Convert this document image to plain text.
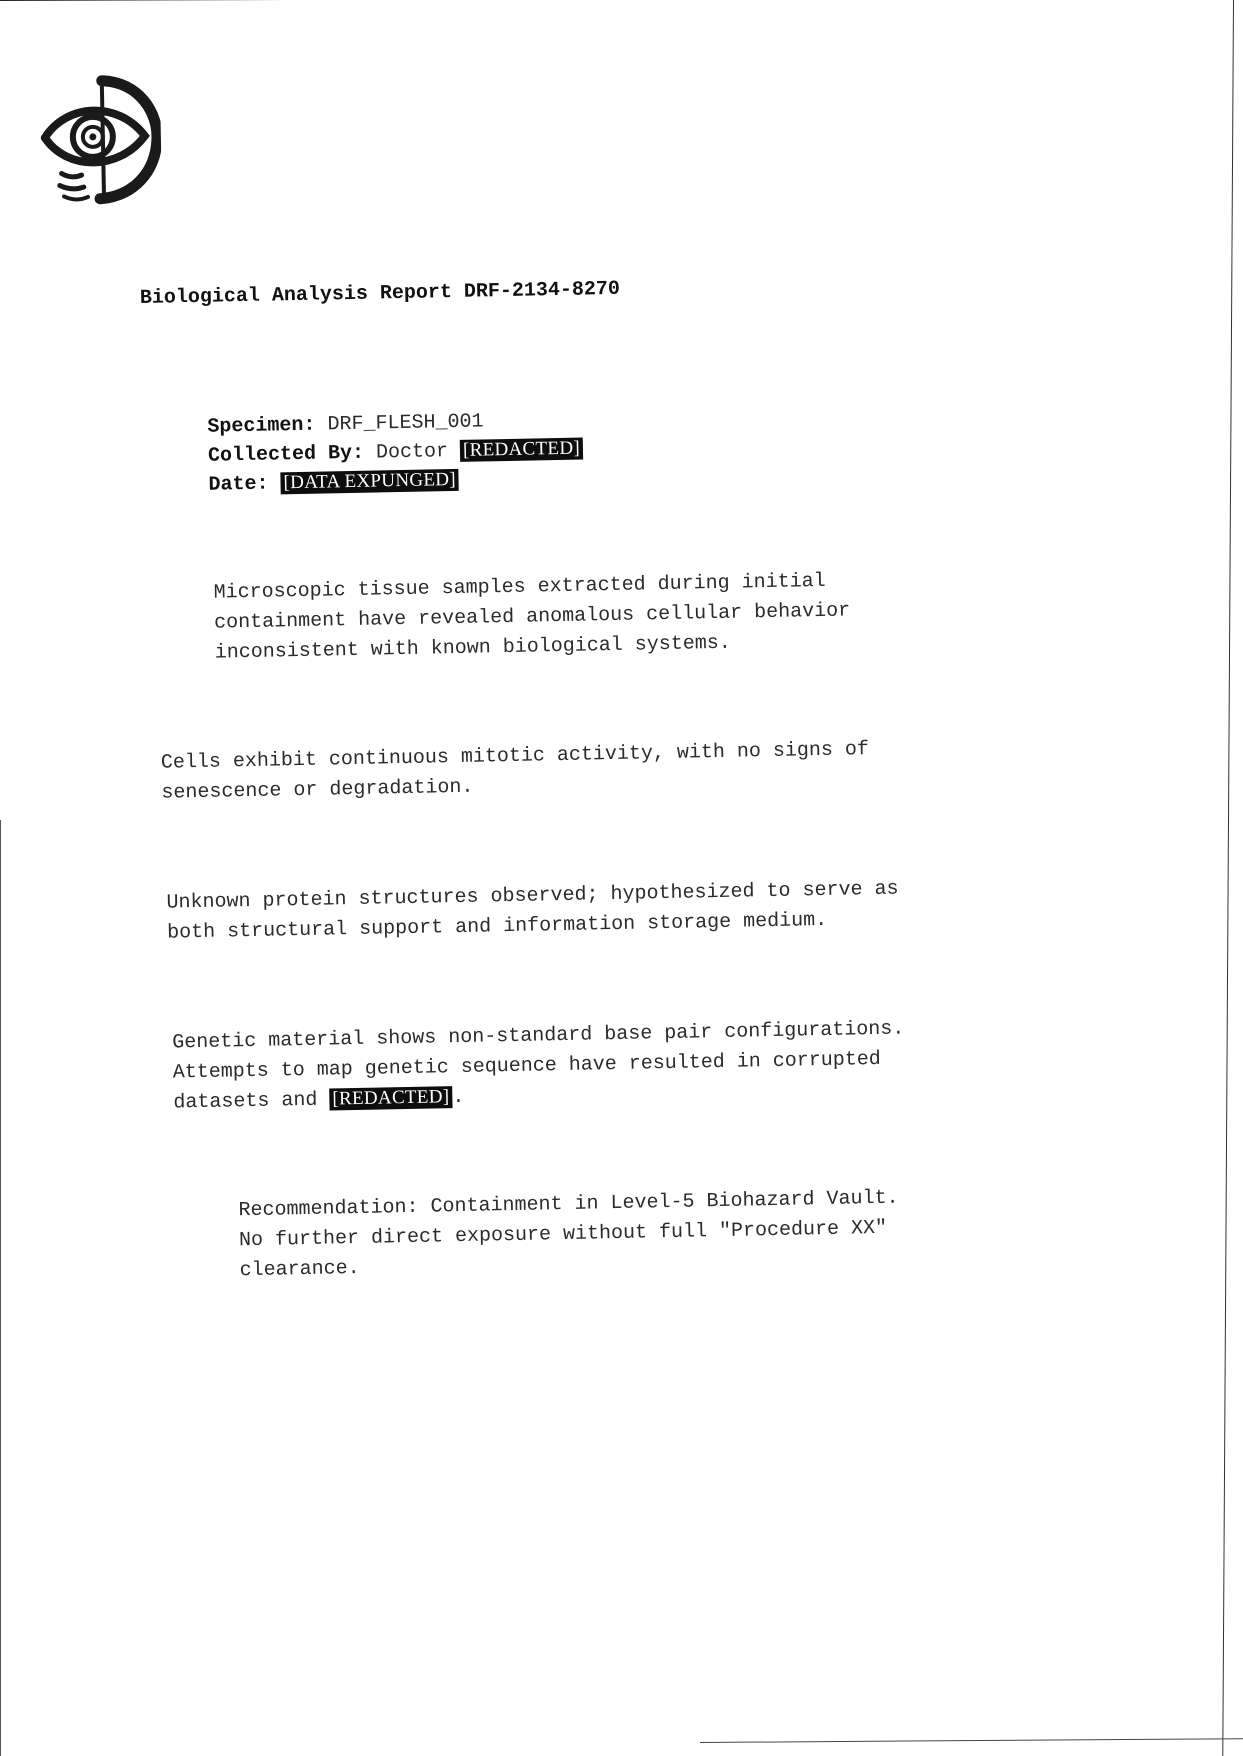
Biological Analysis Report DRF-2134-8270
Specimen: DRF_FLESH_001
Collected By: Doctor [REDACTED]
Date: [DATA EXPUNGED]
Microscopic tissue samples extracted during initial
containment have revealed anomalous cellular behavior
inconsistent with known biological systems.
Cells exhibit continuous mitotic activity, with no signs of
senescence or degradation.
Unknown protein structures observed; hypothesized to serve as
both structural support and information storage medium.
Genetic material shows non-standard base pair configurations.
Attempts to map genetic sequence have resulted in corrupted
datasets and [REDACTED] .
Recommendation: Containment in Level-5 Biohazard Vault.
No further direct exposure without full "Procedure XX"
clearance.
